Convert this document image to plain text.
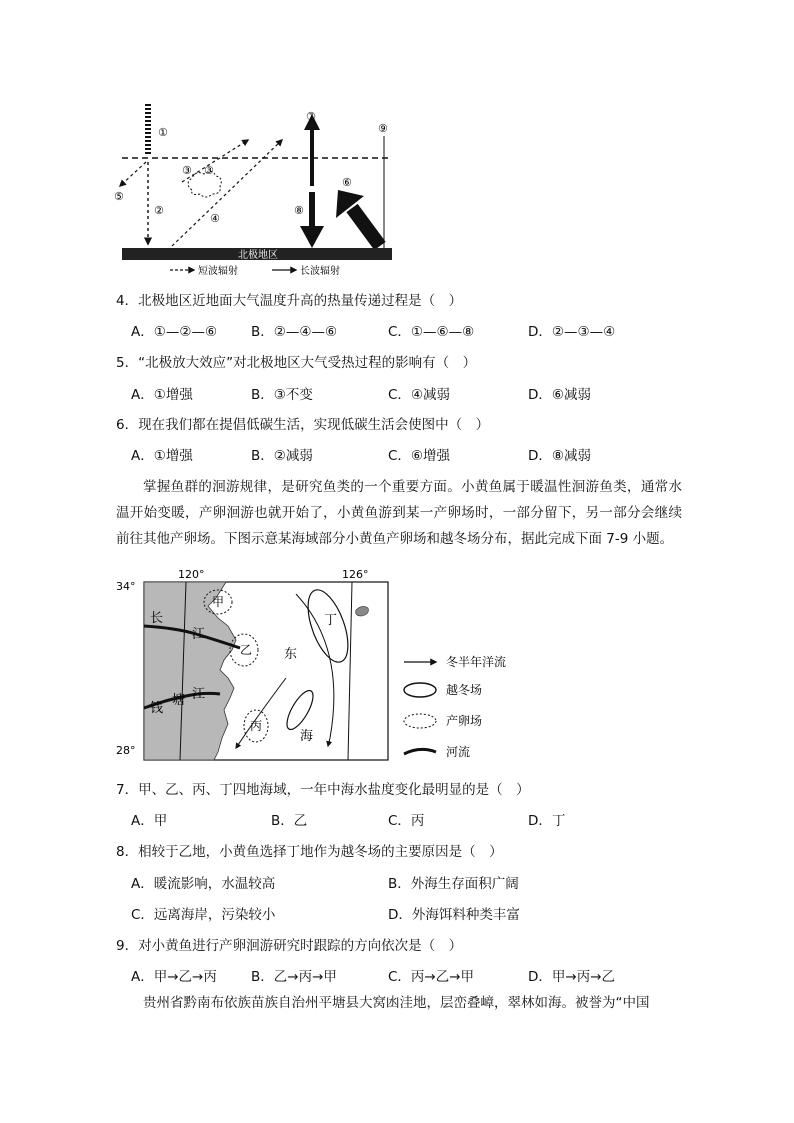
北极地区
①
②
③ ③
④
⑤
⑥
⑦
⑧
⑨
短波辐射	长波辐射
4．北极地区近地面大气温度升高的热量传递过程是（　）
A．①—②—⑥	B．②—④—⑥	C．①—⑥—⑧	D．②—③—④
5．“北极放大效应”对北极地区大气受热过程的影响有（　）
A．①增强	B．③不变	C．④减弱	D．⑥减弱
6．现在我们都在提倡低碳生活，实现低碳生活会使图中（　）
A．①增强	B．②减弱	C．⑥增强	D．⑧减弱
掌握鱼群的洄游规律，是研究鱼类的一个重要方面。小黄鱼属于暖温性洄游鱼类，通常水温开始变暖，产卵洄游也就开始了，小黄鱼游到某一产卵场时，一部分留下，另一部分会继续前往其他产卵场。下图示意某海域部分小黄鱼产卵场和越冬场分布，据此完成下面 7-9 小题。
120°	126°
34°
28°
长
江
钱
塘 江
甲
乙
丙
丁
东
海
冬半年洋流
越冬场
产卵场
河流
7．甲、乙、丙、丁四地海域，一年中海水盐度变化最明显的是（　）
A．甲	B．乙	C．丙	D．丁
8．相较于乙地，小黄鱼选择丁地作为越冬场的主要原因是（　）
A．暖流影响，水温较高	B．外海生存面积广阔
C．远离海岸，污染较小	D．外海饵料种类丰富
9．对小黄鱼进行产卵洄游研究时跟踪的方向依次是（　）
A．甲→乙→丙	B．乙→丙→甲	C．丙→乙→甲	D．甲→丙→乙
贵州省黔南布依族苗族自治州平塘县大窝凼洼地，层峦叠嶂，翠林如海。被誉为“中国
